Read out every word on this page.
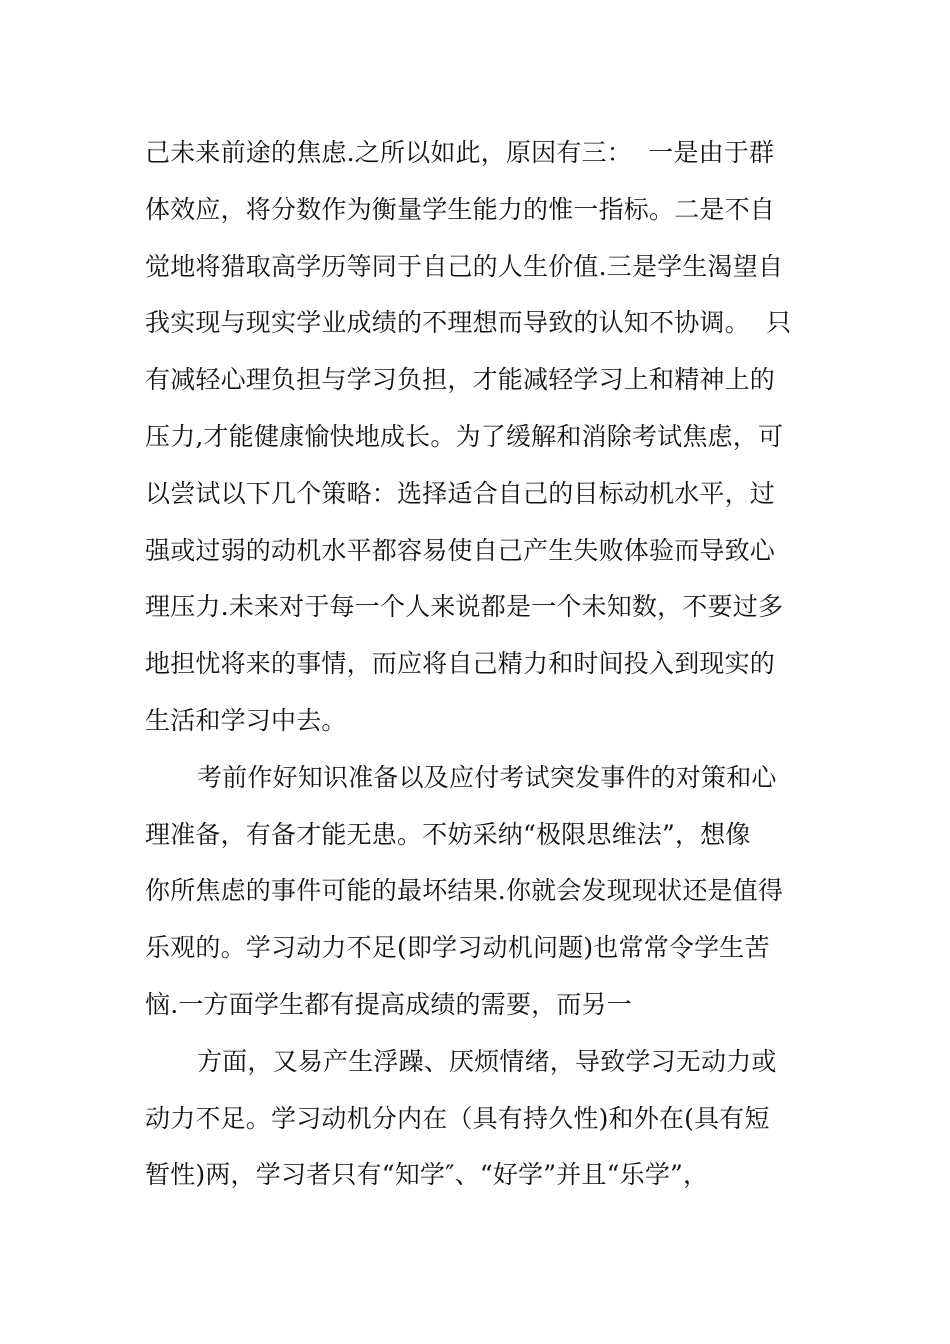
己未来前途的焦虑.之所以如此，原因有三：  一是由于群
体效应，将分数作为衡量学生能力的惟一指标。二是不自
觉地将猎取高学历等同于自己的人生价值.三是学生渴望自
我实现与现实学业成绩的不理想而导致的认知不协调。  只
有减轻心理负担与学习负担，才能减轻学习上和精神上的
压力,才能健康愉快地成长。为了缓解和消除考试焦虑，可
以尝试以下几个策略：选择适合自己的目标动机水平，过
强或过弱的动机水平都容易使自己产生失败体验而导致心
理压力.未来对于每一个人来说都是一个未知数，不要过多
地担忧将来的事情，而应将自己精力和时间投入到现实的
生活和学习中去。
考前作好知识准备以及应付考试突发事件的对策和心
理准备，有备才能无患。不妨采纳“极限思维法”，想像
你所焦虑的事件可能的最坏结果.你就会发现现状还是值得
乐观的。学习动力不足(即学习动机问题)也常常令学生苦
恼.一方面学生都有提高成绩的需要，而另一
方面，又易产生浮躁、厌烦情绪，导致学习无动力或
动力不足。学习动机分内在（具有持久性)和外在(具有短
暂性)两，学习者只有“知学″、“好学”并且“乐学”，
